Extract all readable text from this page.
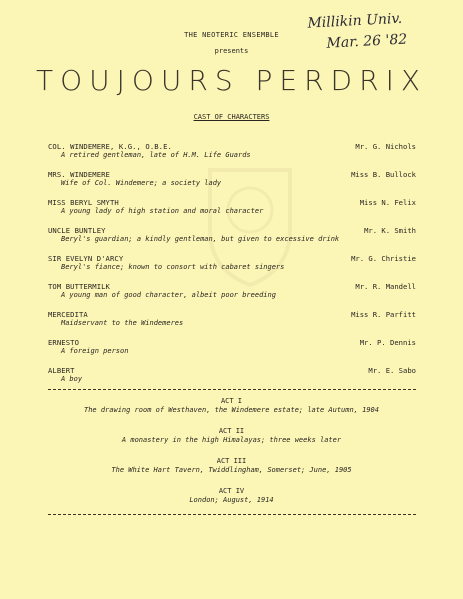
THE NEOTERIC ENSEMBLE
presents
TOUJOURS PERDRIX
Millikin Univ.
Mar. 26 '82
CAST OF CHARACTERS
COL. WINDEMERE, K.G., O.B.E.
A retired gentleman, late of H.M. Life Guards
Mr. G. Nichols
MRS. WINDEMERE
Wife of Col. Windemere; a society lady
Miss B. Bullock
MISS BERYL SMYTH
A young lady of high station and moral character
Miss N. Felix
UNCLE BUNTLEY
Beryl's guardian; a kindly gentleman, but given to excessive drink
Mr. K. Smith
SIR EVELYN D'ARCY
Beryl's fiance; known to consort with cabaret singers
Mr. G. Christie
TOM BUTTERMILK
A young man of good character, albeit poor breeding
Mr. R. Mandell
MERCEDITA
Maidservant to the Windemeres
Miss R. Parfitt
ERNESTO
A foreign person
Mr. P. Dennis
ALBERT
A boy
Mr. E. Sabo
ACT I
The drawing room of Westhaven, the Windemere estate; late Autumn, 1904
ACT II
A monastery in the high Himalayas; three weeks later
ACT III
The White Hart Tavern, Twiddlingham, Somerset; June, 1905
ACT IV
London; August, 1914
